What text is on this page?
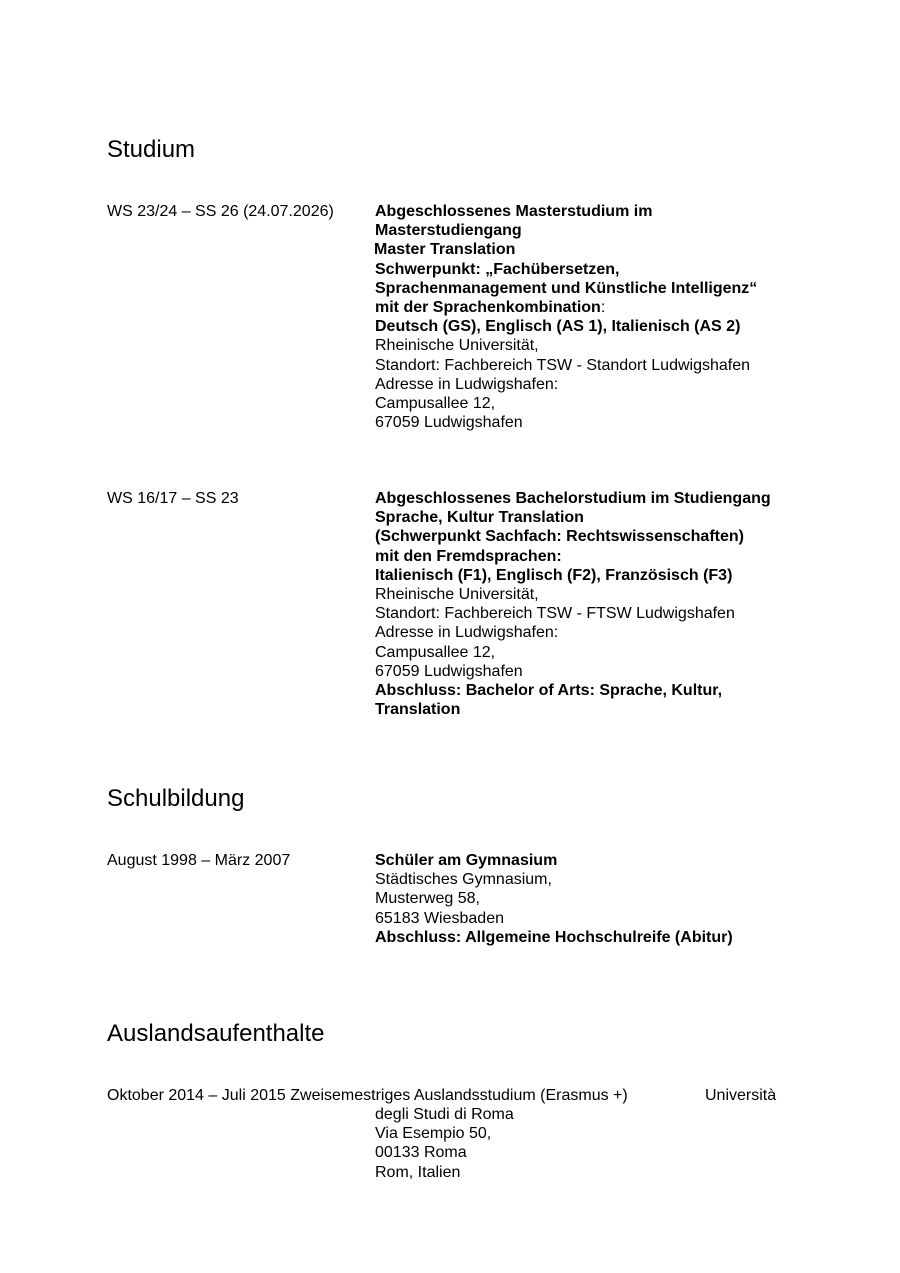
Studium
WS 23/24 – SS 26 (24.07.2026)	Abgeschlossenes Masterstudium im
Masterstudiengang
Master Translation
Schwerpunkt: „Fachübersetzen,
Sprachenmanagement und Künstliche Intelligenz“
mit der Sprachenkombination:
Deutsch (GS), Englisch (AS 1), Italienisch (AS 2)
Rheinische Universität,
Standort: Fachbereich TSW - Standort Ludwigshafen
Adresse in Ludwigshafen:
Campusallee 12,
67059 Ludwigshafen
WS 16/17 – SS 23	Abgeschlossenes Bachelorstudium im Studiengang
Sprache, Kultur Translation
(Schwerpunkt Sachfach: Rechtswissenschaften)
mit den Fremdsprachen:
Italienisch (F1), Englisch (F2), Französisch (F3)
Rheinische Universität,
Standort: Fachbereich TSW - FTSW Ludwigshafen
Adresse in Ludwigshafen:
Campusallee 12,
67059 Ludwigshafen
Abschluss: Bachelor of Arts: Sprache, Kultur,
Translation
Schulbildung
August 1998 – März 2007	Schüler am Gymnasium
Städtisches Gymnasium,
Musterweg 58,
65183 Wiesbaden
Abschluss: Allgemeine Hochschulreife (Abitur)
Auslandsaufenthalte
Oktober 2014 – Juli 2015 Zweisemestriges Auslandsstudium (Erasmus +)	Università
degli Studi di Roma
Via Esempio 50,
00133 Roma
Rom, Italien
